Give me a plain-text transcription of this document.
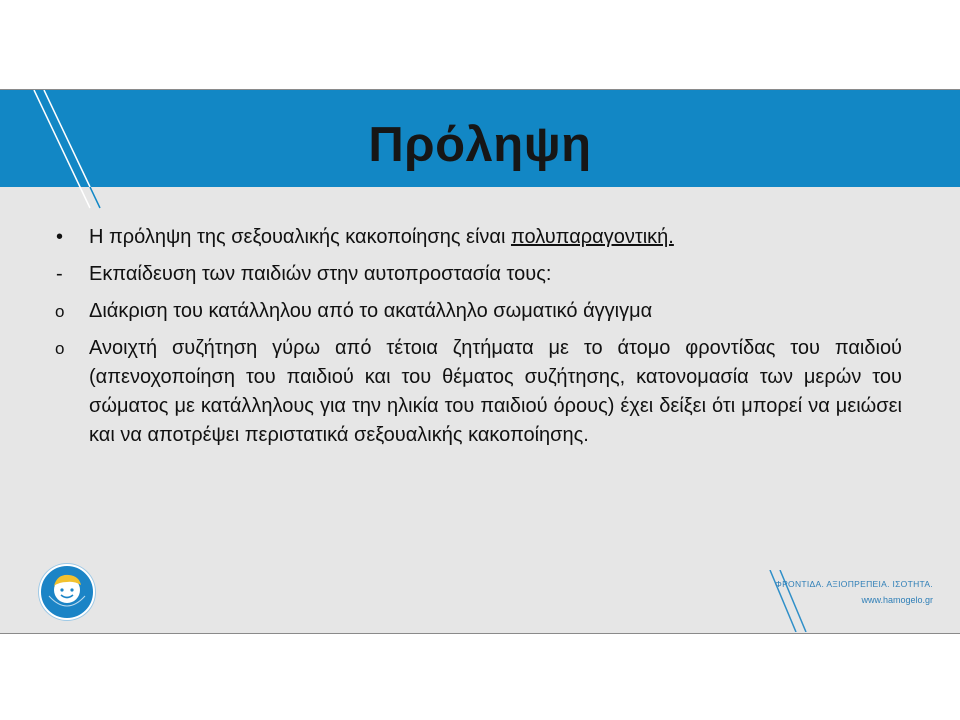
Πρόληψη
•	Η πρόληψη της σεξουαλικής κακοποίησης είναι πολυπαραγοντική.
-	Εκπαίδευση των παιδιών στην αυτοπροστασία τους:
o	Διάκριση του κατάλληλου από το ακατάλληλο σωματικό άγγιγμα
o	Ανοιχτή συζήτηση γύρω από τέτοια ζητήματα με το άτομο φροντίδας του παιδιού (απενοχοποίηση του παιδιού και του θέματος συζήτησης, κατονομασία των μερών του σώματος με κατάλληλους για την ηλικία του παιδιού όρους) έχει δείξει ότι μπορεί να μειώσει και να αποτρέψει περιστατικά σεξουαλικής κακοποίησης.
ΦΡΟΝΤΙΔΑ. ΑΞΙΟΠΡΕΠΕΙΑ. ΙΣΟΤΗΤΑ.
www.hamogelo.gr
